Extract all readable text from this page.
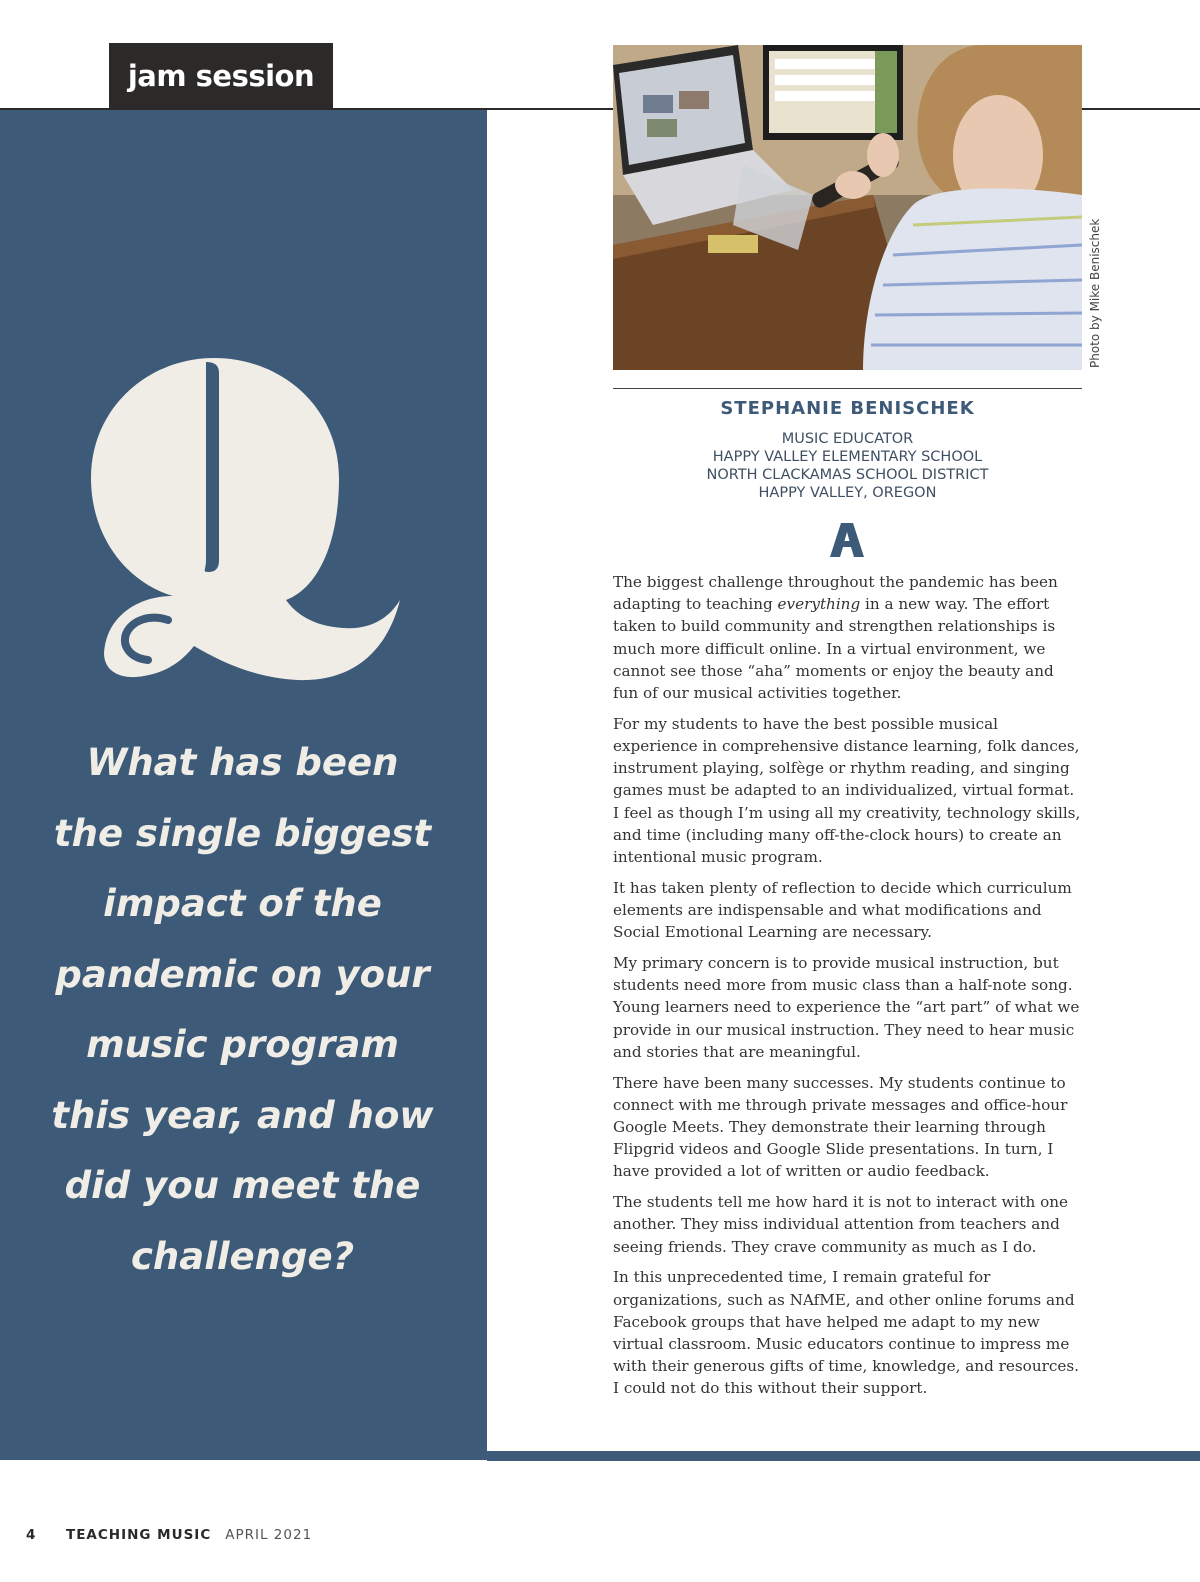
jam session
What has been
the single biggest
impact of the
pandemic on your
music program
this year, and how
did you meet the
challenge?
Photo by Mike Benischek
STEPHANIE BENISCHEK
MUSIC EDUCATOR
HAPPY VALLEY ELEMENTARY SCHOOL
NORTH CLACKAMAS SCHOOL DISTRICT
HAPPY VALLEY, OREGON

The biggest challenge throughout the pandemic has been adapting to teaching everything in a new way. The effort taken to build community and strengthen relationships is much more difficult online. In a virtual environment, we cannot see those “aha” moments or enjoy the beauty and fun of our musical activities together.

For my students to have the best possible musical experience in comprehensive distance learning, folk dances, instrument playing, solfège or rhythm reading, and singing games must be adapted to an individualized, virtual format. I feel as though I’m using all my creativity, technology skills, and time (including many off-the-clock hours) to create an intentional music program.

It has taken plenty of reflection to decide which curriculum elements are indispensable and what modifications and Social Emotional Learning are necessary.

My primary concern is to provide musical instruction, but students need more from music class than a half-note song. Young learners need to experience the “art part” of what we provide in our musical instruction. They need to hear music and stories that are meaningful.

There have been many successes. My students continue to connect with me through private messages and office-hour Google Meets. They demonstrate their learning through Flipgrid videos and Google Slide presentations. In turn, I have provided a lot of written or audio feedback.

The students tell me how hard it is not to interact with one another. They miss individual attention from teachers and seeing friends. They crave community as much as I do.

In this unprecedented time, I remain grateful for organizations, such as NAfME, and other online forums and Facebook groups that have helped me adapt to my new virtual classroom. Music educators continue to impress me with their generous gifts of time, knowledge, and resources. I could not do this without their support.

4	TEACHING MUSIC APRIL 2021
